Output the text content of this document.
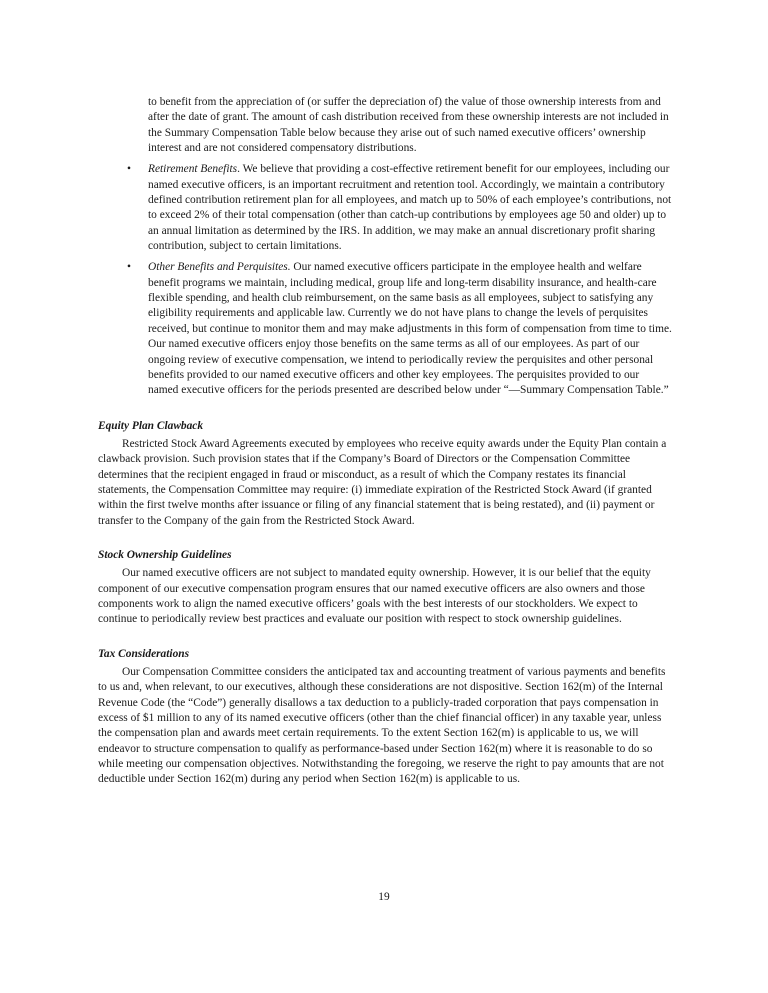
to benefit from the appreciation of (or suffer the depreciation of) the value of those ownership interests from and after the date of grant. The amount of cash distribution received from these ownership interests are not included in the Summary Compensation Table below because they arise out of such named executive officers’ ownership interest and are not considered compensatory distributions.

• Retirement Benefits. We believe that providing a cost-effective retirement benefit for our employees, including our named executive officers, is an important recruitment and retention tool. Accordingly, we maintain a contributory defined contribution retirement plan for all employees, and match up to 50% of each employee’s contributions, not to exceed 2% of their total compensation (other than catch-up contributions by employees age 50 and older) up to an annual limitation as determined by the IRS. In addition, we may make an annual discretionary profit sharing contribution, subject to certain limitations.

• Other Benefits and Perquisites. Our named executive officers participate in the employee health and welfare benefit programs we maintain, including medical, group life and long-term disability insurance, and health-care flexible spending, and health club reimbursement, on the same basis as all employees, subject to satisfying any eligibility requirements and applicable law. Currently we do not have plans to change the levels of perquisites received, but continue to monitor them and may make adjustments in this form of compensation from time to time. Our named executive officers enjoy those benefits on the same terms as all of our employees. As part of our ongoing review of executive compensation, we intend to periodically review the perquisites and other personal benefits provided to our named executive officers and other key employees. The perquisites provided to our named executive officers for the periods presented are described below under “—Summary Compensation Table.”

Equity Plan Clawback

Restricted Stock Award Agreements executed by employees who receive equity awards under the Equity Plan contain a clawback provision. Such provision states that if the Company’s Board of Directors or the Compensation Committee determines that the recipient engaged in fraud or misconduct, as a result of which the Company restates its financial statements, the Compensation Committee may require: (i) immediate expiration of the Restricted Stock Award (if granted within the first twelve months after issuance or filing of any financial statement that is being restated), and (ii) payment or transfer to the Company of the gain from the Restricted Stock Award.

Stock Ownership Guidelines

Our named executive officers are not subject to mandated equity ownership. However, it is our belief that the equity component of our executive compensation program ensures that our named executive officers are also owners and those components work to align the named executive officers’ goals with the best interests of our stockholders. We expect to continue to periodically review best practices and evaluate our position with respect to stock ownership guidelines.

Tax Considerations

Our Compensation Committee considers the anticipated tax and accounting treatment of various payments and benefits to us and, when relevant, to our executives, although these considerations are not dispositive. Section 162(m) of the Internal Revenue Code (the “Code”) generally disallows a tax deduction to a publicly-traded corporation that pays compensation in excess of $1 million to any of its named executive officers (other than the chief financial officer) in any taxable year, unless the compensation plan and awards meet certain requirements. To the extent Section 162(m) is applicable to us, we will endeavor to structure compensation to qualify as performance-based under Section 162(m) where it is reasonable to do so while meeting our compensation objectives. Notwithstanding the foregoing, we reserve the right to pay amounts that are not deductible under Section 162(m) during any period when Section 162(m) is applicable to us.

19
